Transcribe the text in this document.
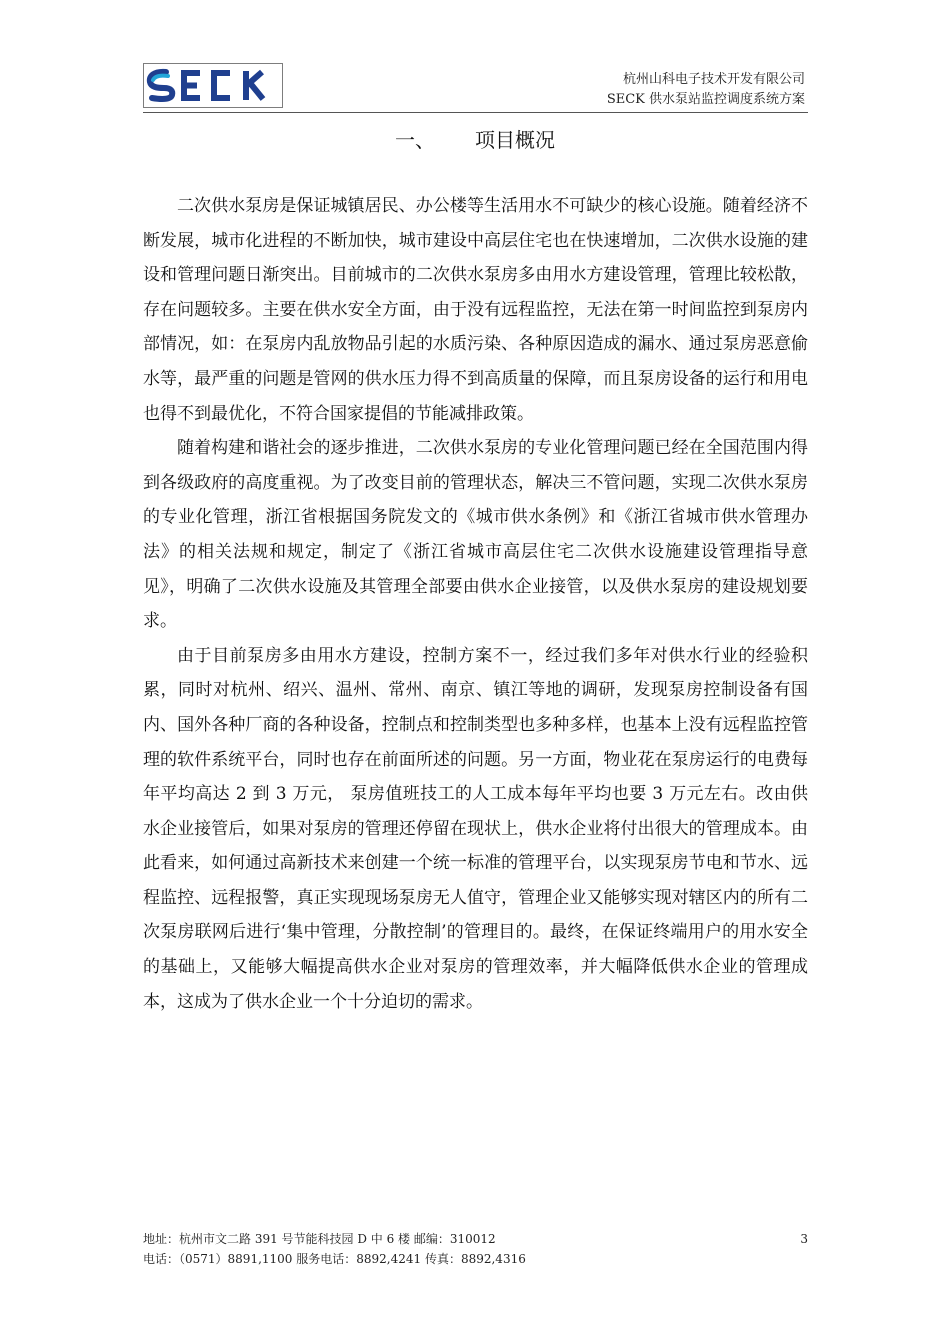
杭州山科电子技术开发有限公司
SECK 供水泵站监控调度系统方案
一、 项目概况

二次供水泵房是保证城镇居民、办公楼等生活用水不可缺少的核心设施。随着经济不断发展，城市化进程的不断加快，城市建设中高层住宅也在快速增加，二次供水设施的建设和管理问题日渐突出。目前城市的二次供水泵房多由用水方建设管理，管理比较松散，存在问题较多。主要在供水安全方面，由于没有远程监控，无法在第一时间监控到泵房内部情况，如：在泵房内乱放物品引起的水质污染、各种原因造成的漏水、通过泵房恶意偷水等，最严重的问题是管网的供水压力得不到高质量的保障，而且泵房设备的运行和用电也得不到最优化，不符合国家提倡的节能减排政策。

随着构建和谐社会的逐步推进，二次供水泵房的专业化管理问题已经在全国范围内得到各级政府的高度重视。为了改变目前的管理状态，解决三不管问题，实现二次供水泵房的专业化管理，浙江省根据国务院发文的《城市供水条例》和《浙江省城市供水管理办法》的相关法规和规定，制定了《浙江省城市高层住宅二次供水设施建设管理指导意见》，明确了二次供水设施及其管理全部要由供水企业接管，以及供水泵房的建设规划要求。

由于目前泵房多由用水方建设，控制方案不一，经过我们多年对供水行业的经验积累，同时对杭州、绍兴、温州、常州、南京、镇江等地的调研，发现泵房控制设备有国内、国外各种厂商的各种设备，控制点和控制类型也多种多样，也基本上没有远程监控管理的软件系统平台，同时也存在前面所述的问题。另一方面，物业花在泵房运行的电费每年平均高达 2 到 3 万元， 泵房值班技工的人工成本每年平均也要 3 万元左右。改由供水企业接管后，如果对泵房的管理还停留在现状上，供水企业将付出很大的管理成本。由此看来，如何通过高新技术来创建一个统一标准的管理平台，以实现泵房节电和节水、远程监控、远程报警，真正实现现场泵房无人值守，管理企业又能够实现对辖区内的所有二次泵房联网后进行‘集中管理，分散控制’的管理目的。最终，在保证终端用户的用水安全的基础上，又能够大幅提高供水企业对泵房的管理效率，并大幅降低供水企业的管理成本，这成为了供水企业一个十分迫切的需求。

地址：杭州市文二路 391 号节能科技园 D 中 6 楼 邮编：310012
电话：（0571）8891,1100 服务电话：8892,4241 传真：8892,4316
3
